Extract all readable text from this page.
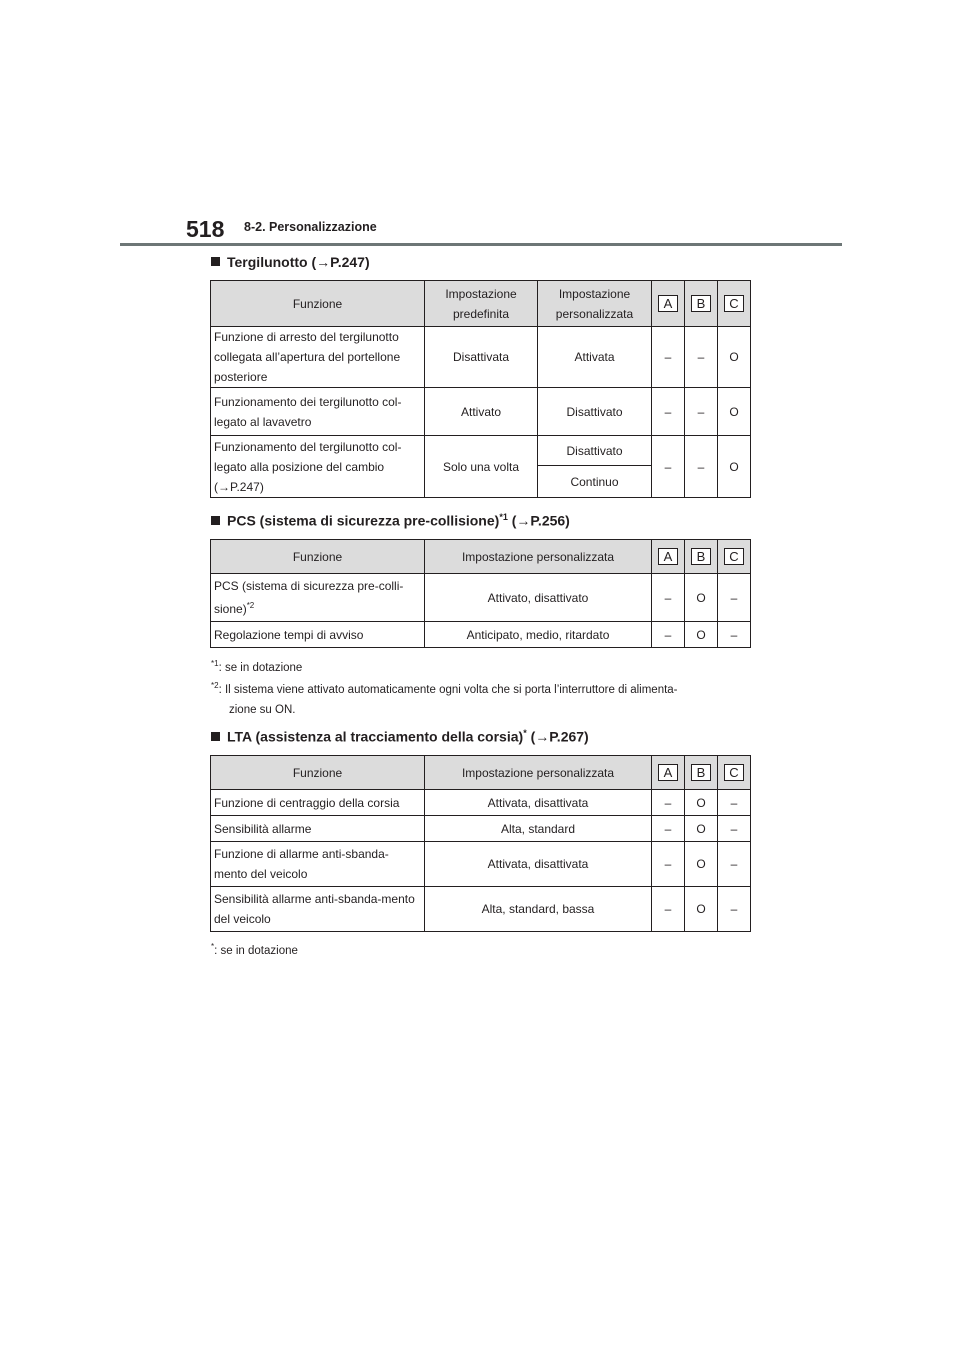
518 8-2. Personalizzazione
Tergilunotto (→P.247)
Funzione	Impostazione predefinita	Impostazione personalizzata	A	B	C
Funzione di arresto del tergilunotto collegata all’apertura del portellone posteriore	Disattivata	Attivata	–	–	O
Funzionamento dei tergilunotto col-legato al lavavetro	Attivato	Disattivato	–	–	O
Funzionamento del tergilunotto col-legato alla posizione del cambio (→P.247)	Solo una volta	Disattivato	–	–	O
		Continuo			
PCS (sistema di sicurezza pre-collisione)$^{*1}$ (→P.256)
Funzione	Impostazione personalizzata	A	B	C
PCS (sistema di sicurezza pre-colli-sione)$^{*2}$	Attivato, disattivato	–	O	–
Regolazione tempi di avviso	Anticipato, medio, ritardato	–	O	–
$^{*1}$: se in dotazione
$^{*2}$: Il sistema viene attivato automaticamente ogni volta che si porta l’interruttore di alimenta-
zione su ON.
LTA (assistenza al tracciamento della corsia)* (→P.267)
Funzione	Impostazione personalizzata	A	B	C
Funzione di centraggio della corsia	Attivata, disattivata	–	O	–
Sensibilità allarme	Alta, standard	–	O	–
Funzione di allarme anti-sbanda-mento del veicolo	Attivata, disattivata	–	O	–
Sensibilità allarme anti-sbanda-mento del veicolo	Alta, standard, bassa	–	O	–
*: se in dotazione
